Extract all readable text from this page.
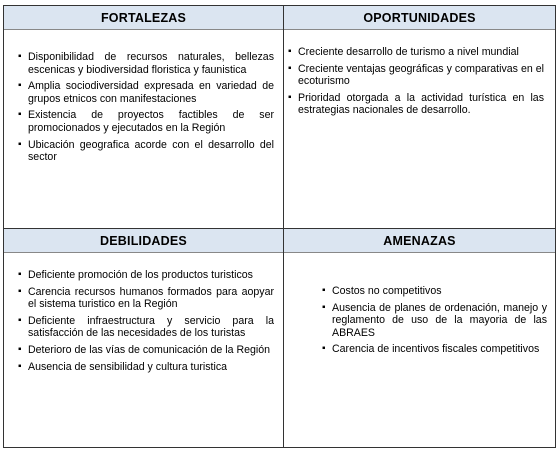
FORTALEZAS
▪ Disponibilidad de recursos naturales, bellezas escenicas y biodiversidad floristica y faunistica
▪ Amplia sociodiversidad expresada en variedad de grupos etnicos con manifestaciones
▪ Existencia de proyectos factibles de ser promocionados y ejecutados en la Región
▪ Ubicación geografica acorde con el desarrollo del sector
OPORTUNIDADES
▪ Creciente desarrollo de turismo a nivel mundial
▪ Creciente ventajas geográficas y comparativas en el ecoturismo
▪ Prioridad otorgada a la actividad turística en las estrategias nacionales de desarrollo.
DEBILIDADES
▪ Deficiente promoción de los productos turisticos
▪ Carencia recursos humanos formados para aopyar el sistema turistico en la Región
▪ Deficiente infraestructura y servicio para la satisfacción de las necesidades de los turistas
▪ Deterioro de las vías de comunicación de la Región
▪ Ausencia de sensibilidad y cultura turistica
AMENAZAS
▪ Costos no competitivos
▪ Ausencia de planes de ordenación, manejo y reglamento de uso de la mayoria de las ABRAES
▪ Carencia de incentivos fiscales competitivos
